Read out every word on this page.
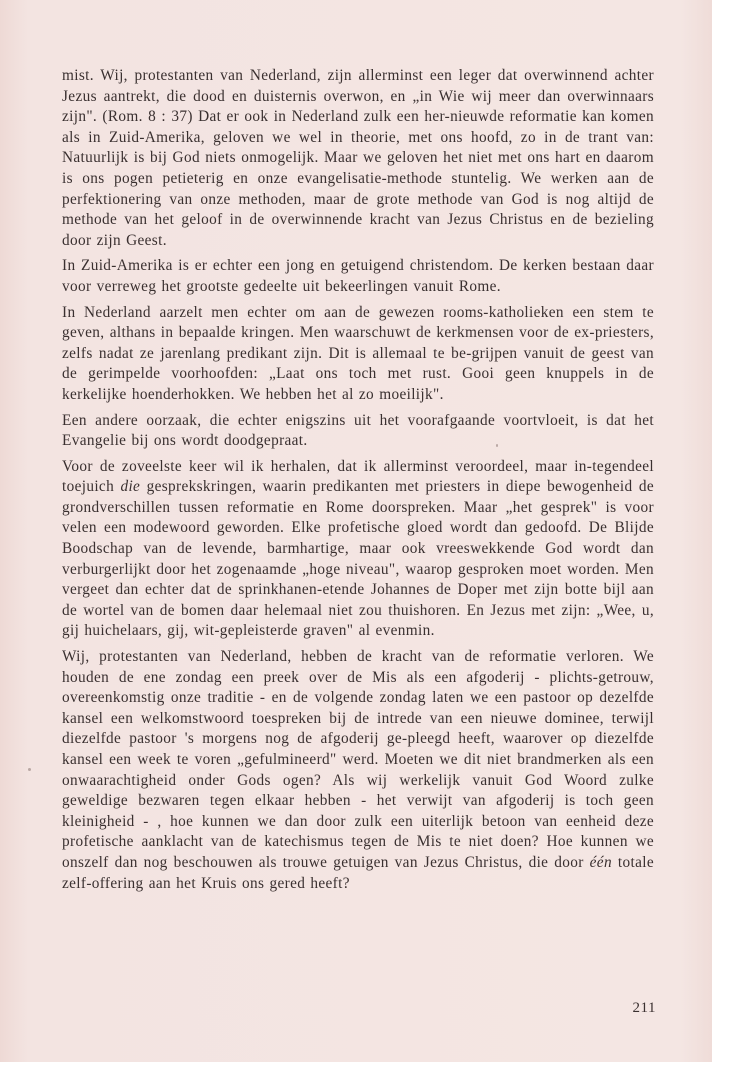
mist. Wij, protestanten van Nederland, zijn allerminst een leger dat overwinnend achter Jezus aantrekt, die dood en duisternis overwon, en „in Wie wij meer dan overwinnaars zijn". (Rom. 8 : 37) Dat er ook in Nederland zulk een her-nieuwde reformatie kan komen als in Zuid-Amerika, geloven we wel in theorie, met ons hoofd, zo in de trant van: Natuurlijk is bij God niets onmogelijk. Maar we geloven het niet met ons hart en daarom is ons pogen petieterig en onze evangelisatie-methode stuntelig. We werken aan de perfektionering van onze methoden, maar de grote methode van God is nog altijd de methode van het geloof in de overwinnende kracht van Jezus Christus en de bezieling door zijn Geest.

In Zuid-Amerika is er echter een jong en getuigend christendom. De kerken bestaan daar voor verreweg het grootste gedeelte uit bekeerlingen vanuit Rome.

In Nederland aarzelt men echter om aan de gewezen rooms-katholieken een stem te geven, althans in bepaalde kringen. Men waarschuwt de kerkmensen voor de ex-priesters, zelfs nadat ze jarenlang predikant zijn. Dit is allemaal te be-grijpen vanuit de geest van de gerimpelde voorhoofden: „Laat ons toch met rust. Gooi geen knuppels in de kerkelijke hoenderhokken. We hebben het al zo moeilijk".

Een andere oorzaak, die echter enigszins uit het voorafgaande voortvloeit, is dat het Evangelie bij ons wordt doodgepraat.

Voor de zoveelste keer wil ik herhalen, dat ik allerminst veroordeel, maar in-tegendeel toejuich die gesprekskringen, waarin predikanten met priesters in diepe bewogenheid de grondverschillen tussen reformatie en Rome doorspreken. Maar „het gesprek" is voor velen een modewoord geworden. Elke profetische gloed wordt dan gedoofd. De Blijde Boodschap van de levende, barmhartige, maar ook vreeswekkende God wordt dan verburgerlijkt door het zogenaamde „hoge niveau", waarop gesproken moet worden. Men vergeet dan echter dat de sprinkhanen-etende Johannes de Doper met zijn botte bijl aan de wortel van de bomen daar helemaal niet zou thuishoren. En Jezus met zijn: „Wee, u, gij huichelaars, gij, wit-gepleisterde graven" al evenmin.

Wij, protestanten van Nederland, hebben de kracht van de reformatie verloren. We houden de ene zondag een preek over de Mis als een afgoderij - plichts-getrouw, overeenkomstig onze traditie - en de volgende zondag laten we een pastoor op dezelfde kansel een welkomstwoord toespreken bij de intrede van een nieuwe dominee, terwijl diezelfde pastoor 's morgens nog de afgoderij ge-pleegd heeft, waarover op diezelfde kansel een week te voren „gefulmineerd" werd. Moeten we dit niet brandmerken als een onwaarachtigheid onder Gods ogen? Als wij werkelijk vanuit God Woord zulke geweldige bezwaren tegen elkaar hebben - het verwijt van afgoderij is toch geen kleinigheid - , hoe kunnen we dan door zulk een uiterlijk betoon van eenheid deze profetische aanklacht van de katechismus tegen de Mis te niet doen? Hoe kunnen we onszelf dan nog beschouwen als trouwe getuigen van Jezus Christus, die door één totale zelf-offering aan het Kruis ons gered heeft?

211
